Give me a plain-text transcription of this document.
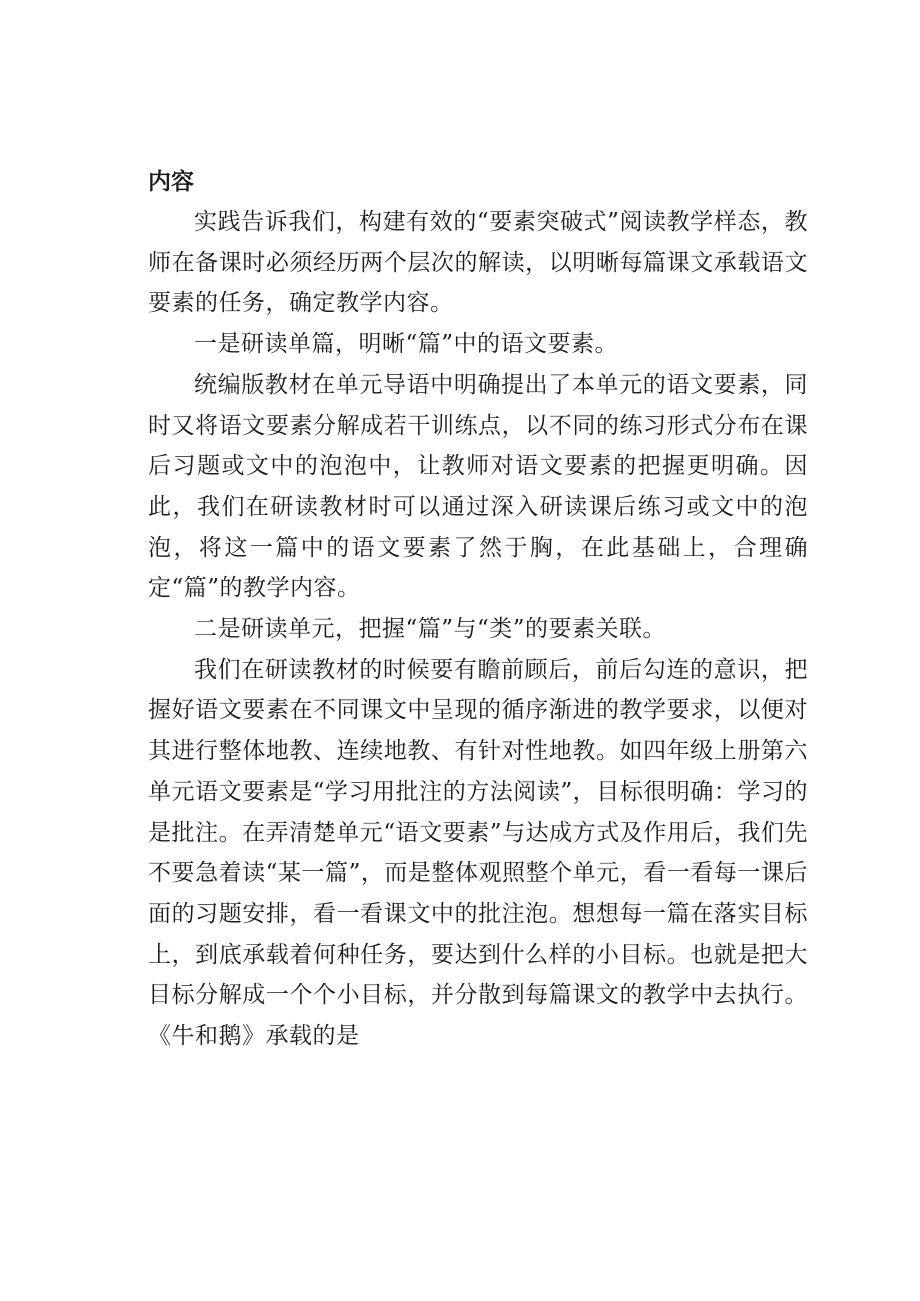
内容

实践告诉我们，构建有效的“要素突破式”阅读教学样态，教师在备课时必须经历两个层次的解读，以明晰每篇课文承载语文要素的任务，确定教学内容。

一是研读单篇，明晰“篇”中的语文要素。

统编版教材在单元导语中明确提出了本单元的语文要素，同时又将语文要素分解成若干训练点，以不同的练习形式分布在课后习题或文中的泡泡中，让教师对语文要素的把握更明确。因此，我们在研读教材时可以通过深入研读课后练习或文中的泡泡，将这一篇中的语文要素了然于胸，在此基础上，合理确定“篇”的教学内容。

二是研读单元，把握“篇”与“类”的要素关联。

我们在研读教材的时候要有瞻前顾后，前后勾连的意识，把握好语文要素在不同课文中呈现的循序渐进的教学要求，以便对其进行整体地教、连续地教、有针对性地教。如四年级上册第六单元语文要素是“学习用批注的方法阅读”，目标很明确：学习的是批注。在弄清楚单元“语文要素”与达成方式及作用后，我们先不要急着读“某一篇”，而是整体观照整个单元，看一看每一课后面的习题安排，看一看课文中的批注泡。想想每一篇在落实目标上，到底承载着何种任务，要达到什么样的小目标。也就是把大目标分解成一个个小目标，并分散到每篇课文的教学中去执行。《牛和鹅》承载的是
